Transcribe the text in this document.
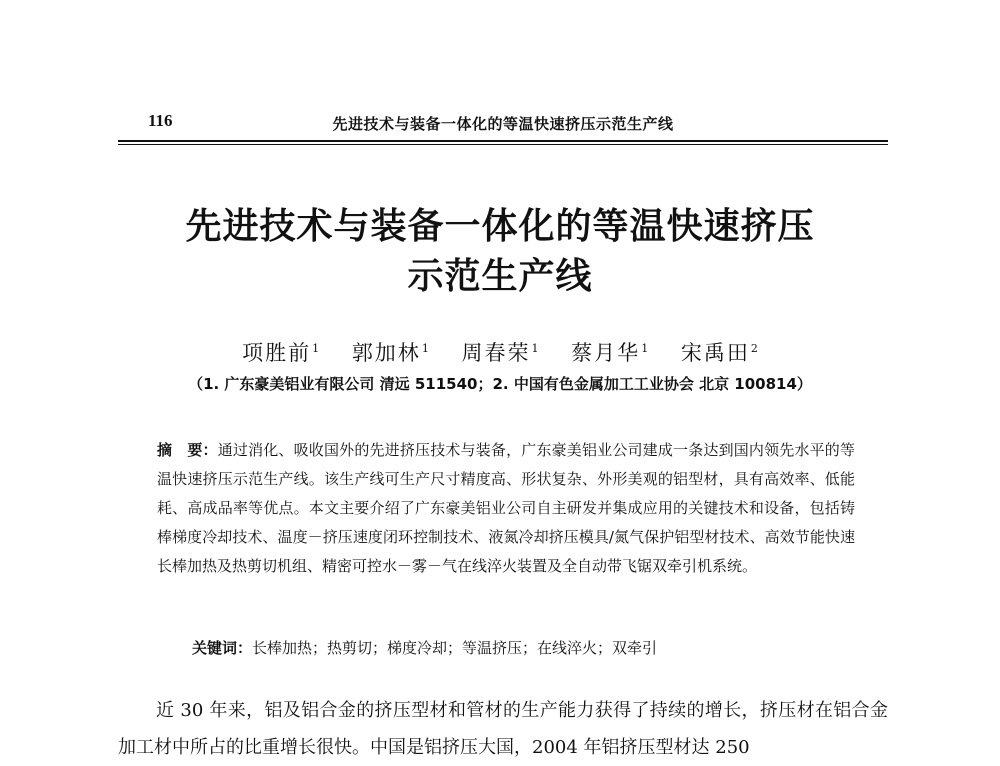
116	先进技术与装备一体化的等温快速挤压示范生产线
先进技术与装备一体化的等温快速挤压
示范生产线
项胜前$^1$ 郭加林$^1$ 周春荣$^1$ 蔡月华$^1$ 宋禹田$^2$
（1. 广东豪美铝业有限公司 清远 511540；2. 中国有色金属加工工业协会 北京 100814）
摘　要：通过消化、吸收国外的先进挤压技术与装备，广东豪美铝业公司建成一条达到国内领先水平的等温快速挤压示范生产线。该生产线可生产尺寸精度高、形状复杂、外形美观的铝型材，具有高效率、低能耗、高成品率等优点。本文主要介绍了广东豪美铝业公司自主研发并集成应用的关键技术和设备，包括铸棒梯度冷却技术、温度－挤压速度闭环控制技术、液氮冷却挤压模具/氮气保护铝型材技术、高效节能快速长棒加热及热剪切机组、精密可控水－雾－气在线淬火装置及全自动带飞锯双牵引机系统。
关键词：长棒加热；热剪切；梯度冷却；等温挤压；在线淬火；双牵引
近 30 年来，铝及铝合金的挤压型材和管材的生产能力获得了持续的增长，挤压材在铝合金加工材中所占的比重增长很快。中国是铝挤压大国，2004 年铝挤压型材达 250
